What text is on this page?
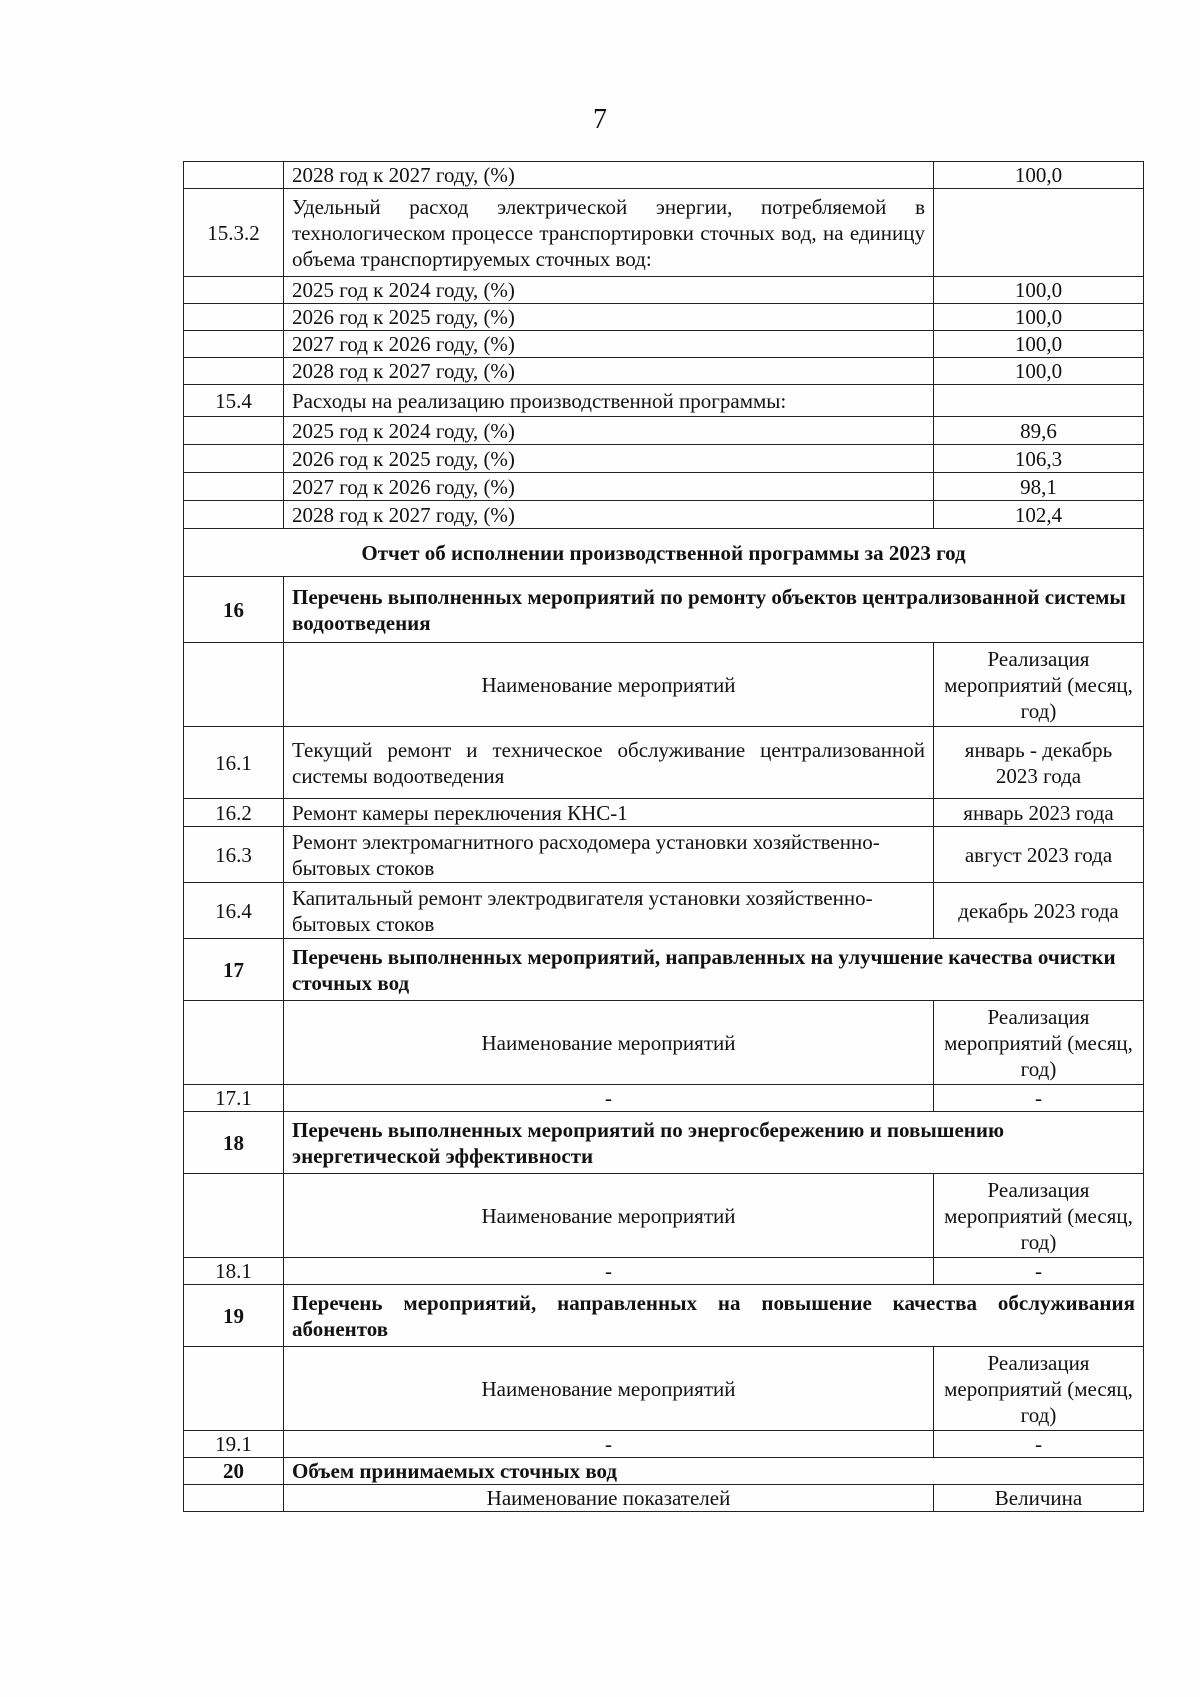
7
	2028 год к 2027 году, (%)	100,0
15.3.2	Удельный расход электрической энергии, потребляемой в технологическом процессе транспортировки сточных вод, на единицу объема транспортируемых сточных вод:	
	2025 год к 2024 году, (%)	100,0
	2026 год к 2025 году, (%)	100,0
	2027 год к 2026 году, (%)	100,0
	2028 год к 2027 году, (%)	100,0
15.4	Расходы на реализацию производственной программы:	
	2025 год к 2024 году, (%)	89,6
	2026 год к 2025 году, (%)	106,3
	2027 год к 2026 году, (%)	98,1
	2028 год к 2027 году, (%)	102,4
Отчет об исполнении производственной программы за 2023 год		
16	Перечень выполненных мероприятий по ремонту объектов централизованной системы водоотведения	
	Наименование мероприятий	Реализация мероприятий (месяц, год)
16.1	Текущий ремонт и техническое обслуживание централизованной системы водоотведения	январь - декабрь 2023 года
16.2	Ремонт камеры переключения КНС-1	январь 2023 года
16.3	Ремонт электромагнитного расходомера установки хозяйственно-бытовых стоков	август 2023 года
16.4	Капитальный ремонт электродвигателя установки хозяйственно-бытовых стоков	декабрь 2023 года
17	Перечень выполненных мероприятий, направленных на улучшение качества очистки сточных вод	
	Наименование мероприятий	Реализация мероприятий (месяц, год)
17.1	-	-
18	Перечень выполненных мероприятий по энергосбережению и повышению энергетической эффективности	
	Наименование мероприятий	Реализация мероприятий (месяц, год)
18.1	-	-
19	Перечень мероприятий, направленных на повышение качества обслуживания абонентов	
	Наименование мероприятий	Реализация мероприятий (месяц, год)
19.1	-	-
20	Объем принимаемых сточных вод	
	Наименование показателей	Величина
